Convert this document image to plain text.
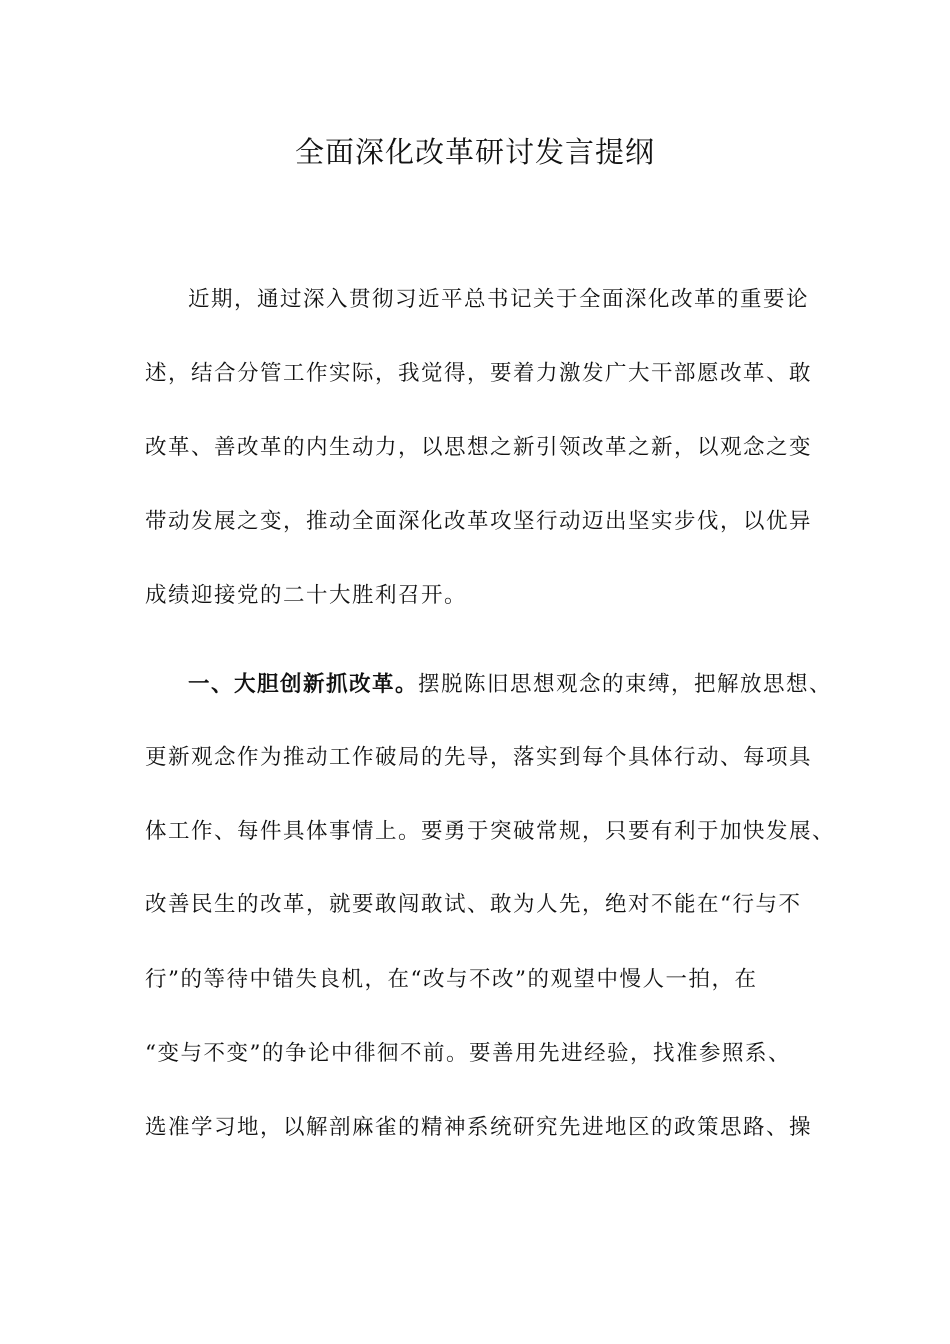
全面深化改革研讨发言提纲
近期，通过深入贯彻习近平总书记关于全面深化改革的重要论
述，结合分管工作实际，我觉得，要着力激发广大干部愿改革、敢
改革、善改革的内生动力，以思想之新引领改革之新，以观念之变
带动发展之变，推动全面深化改革攻坚行动迈出坚实步伐，以优异
成绩迎接党的二十大胜利召开。
一、大胆创新抓改革。摆脱陈旧思想观念的束缚，把解放思想、
更新观念作为推动工作破局的先导，落实到每个具体行动、每项具
体工作、每件具体事情上。要勇于突破常规，只要有利于加快发展、
改善民生的改革，就要敢闯敢试、敢为人先，绝对不能在“行与不
行”的等待中错失良机，在“改与不改”的观望中慢人一拍，在
“变与不变”的争论中徘徊不前。要善用先进经验，找准参照系、
选准学习地，以解剖麻雀的精神系统研究先进地区的政策思路、操
